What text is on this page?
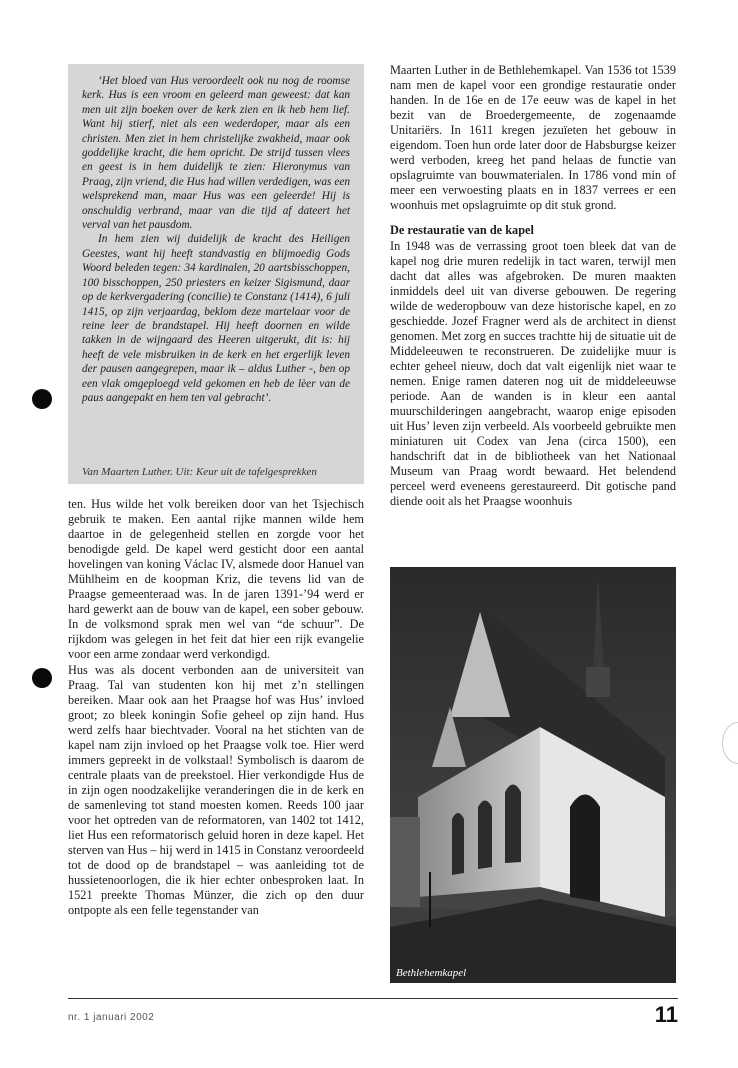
‘Het bloed van Hus veroordeelt ook nu nog de roomse kerk. Hus is een vroom en geleerd man geweest: dat kan men uit zijn boeken over de kerk zien en ik heb hem lief. Want hij stierf, niet als een wederdoper, maar als een christen. Men ziet in hem christelijke zwakheid, maar ook goddelijke kracht, die hem opricht. De strijd tussen vlees en geest is in hem duidelijk te zien: Hieronymus van Praag, zijn vriend, die Hus had willen verdedigen, was een welsprekend man, maar Hus was een geleerde! Hij is onschuldig verbrand, maar van die tijd af dateert het verval van het pausdom.

In hem zien wij duidelijk de kracht des Heiligen Geestes, want hij heeft standvastig en blijmoedig Gods Woord beleden tegen: 34 kardinalen, 20 aartsbisschoppen, 100 bisschoppen, 250 priesters en keizer Sigismund, daar op de kerkvergadering (concilie) te Constanz (1414), 6 juli 1415, op zijn verjaardag, beklom deze martelaar voor de reine leer de brandstapel. Hij heeft doornen en wilde takken in de wijngaard des Heeren uitgerukt, dit is: hij heeft de vele misbruiken in de kerk en het ergerlijk leven der pausen aangegrepen, maar ik – aldus Luther -, ben op een vlak omgeploegd veld gekomen en heb de lèer van de paus aangepakt en hem ten val gebracht’.

Van Maarten Luther. Uit: Keur uit de tafelgesprekken

ten. Hus wilde het volk bereiken door van het Tsjechisch gebruik te maken. Een aantal rijke mannen wilde hem daartoe in de gelegenheid stellen en zorgde voor het benodigde geld. De kapel werd gesticht door een aantal hovelingen van koning Václac IV, alsmede door Hanuel van Mühlheim en de koopman Kriz, die tevens lid van de Praagse gemeenteraad was. In de jaren 1391-’94 werd er hard gewerkt aan de bouw van de kapel, een sober gebouw. In de volksmond sprak men wel van “de schuur”. De rijkdom was gelegen in het feit dat hier een rijk evangelie voor een arme zondaar werd verkondigd.

Hus was als docent verbonden aan de universiteit van Praag. Tal van studenten kon hij met z’n stellingen bereiken. Maar ook aan het Praagse hof was Hus’ invloed groot; zo bleek koningin Sofie geheel op zijn hand. Hus werd zelfs haar biechtvader. Vooral na het stichten van de kapel nam zijn invloed op het Praagse volk toe. Hier werd immers gepreekt in de volkstaal! Symbolisch is daarom de centrale plaats van de preekstoel. Hier verkondigde Hus de in zijn ogen noodzakelijke veranderingen die in de kerk en de samenleving tot stand moesten komen. Reeds 100 jaar voor het optreden van de reformatoren, van 1402 tot 1412, liet Hus een reformatorisch geluid horen in deze kapel. Het sterven van Hus – hij werd in 1415 in Constanz veroordeeld tot de dood op de brandstapel – was aanleiding tot de hussietenoorlogen, die ik hier echter onbesproken laat. In 1521 preekte Thomas Münzer, die zich op den duur ontpopte als een felle tegenstander van

Maarten Luther in de Bethlehemkapel. Van 1536 tot 1539 nam men de kapel voor een grondige restauratie onder handen. In de 16e en de 17e eeuw was de kapel in het bezit van de Broedergemeente, de zogenaamde Unitariërs. In 1611 kregen jezuïeten het gebouw in eigendom. Toen hun orde later door de Habsburgse keizer werd verboden, kreeg het pand helaas de functie van opslagruimte van bouwmaterialen. In 1786 vond min of meer een verwoesting plaats en in 1837 verrees er een woonhuis met opslagruimte op dit stuk grond.

De restauratie van de kapel

In 1948 was de verrassing groot toen bleek dat van de kapel nog drie muren redelijk in tact waren, terwijl men dacht dat alles was afgebroken. De muren maakten inmiddels deel uit van diverse gebouwen. De regering wilde de wederopbouw van deze historische kapel, en zo geschiedde. Jozef Fragner werd als de architect in dienst genomen. Met zorg en succes trachtte hij de situatie uit de Middeleeuwen te reconstrueren. De zuidelijke muur is echter geheel nieuw, doch dat valt eigenlijk niet waar te nemen. Enige ramen dateren nog uit de middeleeuwse periode. Aan de wanden is in kleur een aantal muurschilderingen aangebracht, waarop enige episoden uit Hus’ leven zijn verbeeld. Als voorbeeld gebruikte men miniaturen uit Codex van Jena (circa 1500), een handschrift dat in de bibliotheek van het Nationaal Museum van Praag wordt bewaard. Het belendend perceel werd eveneens gerestaureerd. Dit gotische pand diende ooit als het Praagse woonhuis

Bethlehemkapel
nr. 1 januari 2002	11
